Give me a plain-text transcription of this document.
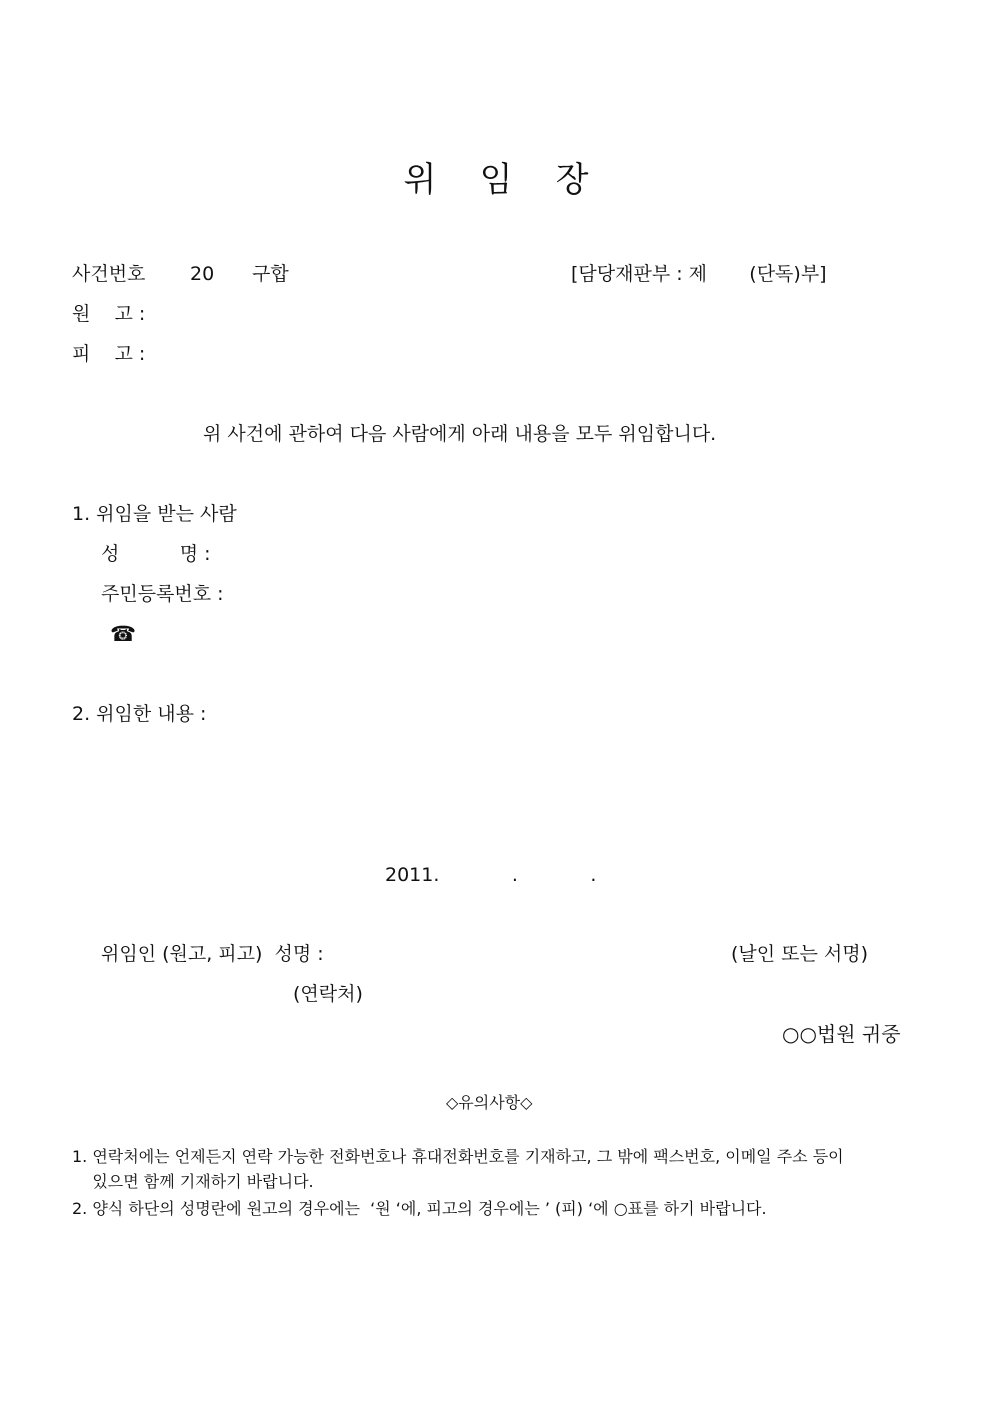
위    임    장
사건번호 20 구합	[담당재판부 : 제       (단독)부]
원    고 :
피    고 :
위 사건에 관하여 다음 사람에게 아래 내용을 모두 위임합니다.
1. 위임을 받는 사람
성          명 :
주민등록번호 :
☎
2. 위임한 내용 :
2011.            .            .
위임인 (원고, 피고)  성명 :	(날인 또는 서명)
(연락처)
○○법원 귀중
◇유의사항◇
1. 연락처에는 언제든지 연락 가능한 전화번호나 휴대전화번호를 기재하고, 그 밖에 팩스번호, 이메일 주소 등이
있으면 함께 기재하기 바랍니다.
2. 양식 하단의 성명란에 원고의 경우에는  ‘원 ‘에, 피고의 경우에는 ’ (피) ‘에 ○표를 하기 바랍니다.
